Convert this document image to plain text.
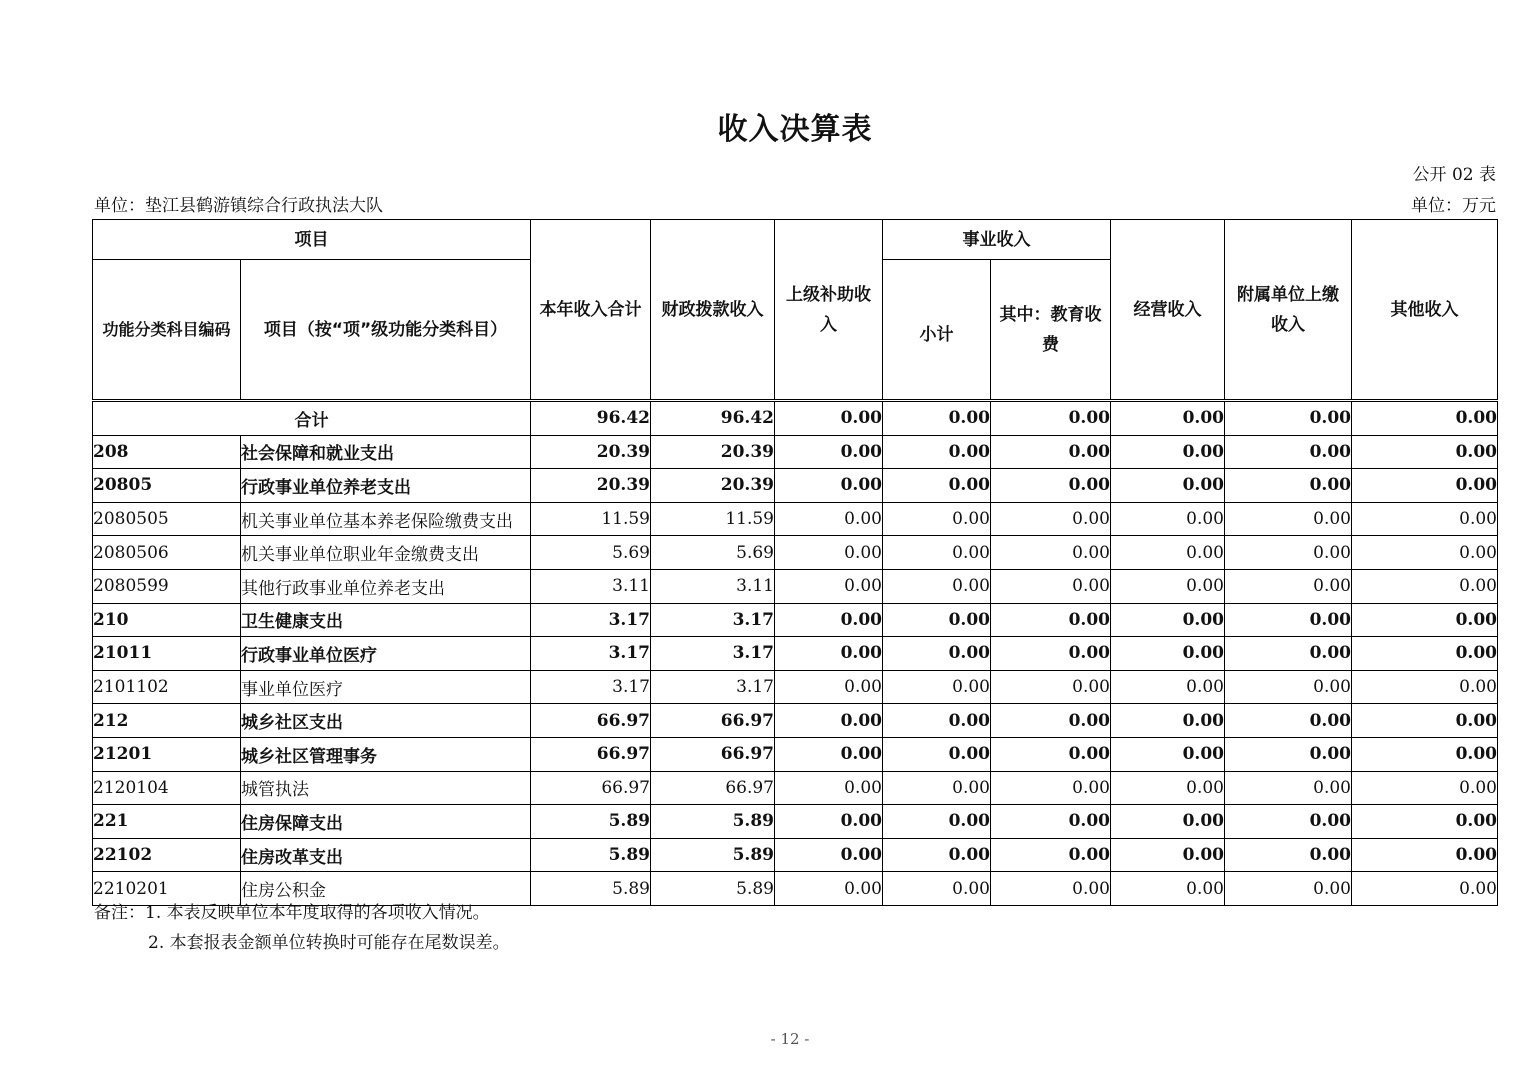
收入决算表
公开 02 表
单位：垫江县鹤游镇综合行政执法大队	单位：万元
项目		本年收入合计	财政拨款收入	上级补助收入	事业收入		经营收入	附属单位上缴收入	其他收入
功能分类科目编码	项目（按“项”级功能分类科目）				小计	其中：教育收费			
合计		96.42	96.42	0.00	0.00	0.00	0.00	0.00	0.00
208	社会保障和就业支出	20.39	20.39	0.00	0.00	0.00	0.00	0.00	0.00
20805	行政事业单位养老支出	20.39	20.39	0.00	0.00	0.00	0.00	0.00	0.00
2080505	机关事业单位基本养老保险缴费支出	11.59	11.59	0.00	0.00	0.00	0.00	0.00	0.00
2080506	机关事业单位职业年金缴费支出	5.69	5.69	0.00	0.00	0.00	0.00	0.00	0.00
2080599	其他行政事业单位养老支出	3.11	3.11	0.00	0.00	0.00	0.00	0.00	0.00
210	卫生健康支出	3.17	3.17	0.00	0.00	0.00	0.00	0.00	0.00
21011	行政事业单位医疗	3.17	3.17	0.00	0.00	0.00	0.00	0.00	0.00
2101102	事业单位医疗	3.17	3.17	0.00	0.00	0.00	0.00	0.00	0.00
212	城乡社区支出	66.97	66.97	0.00	0.00	0.00	0.00	0.00	0.00
21201	城乡社区管理事务	66.97	66.97	0.00	0.00	0.00	0.00	0.00	0.00
2120104	城管执法	66.97	66.97	0.00	0.00	0.00	0.00	0.00	0.00
221	住房保障支出	5.89	5.89	0.00	0.00	0.00	0.00	0.00	0.00
22102	住房改革支出	5.89	5.89	0.00	0.00	0.00	0.00	0.00	0.00
2210201	住房公积金	5.89	5.89	0.00	0.00	0.00	0.00	0.00	0.00
备注：1. 本表反映单位本年度取得的各项收入情况。
2. 本套报表金额单位转换时可能存在尾数误差。
- 12 -
